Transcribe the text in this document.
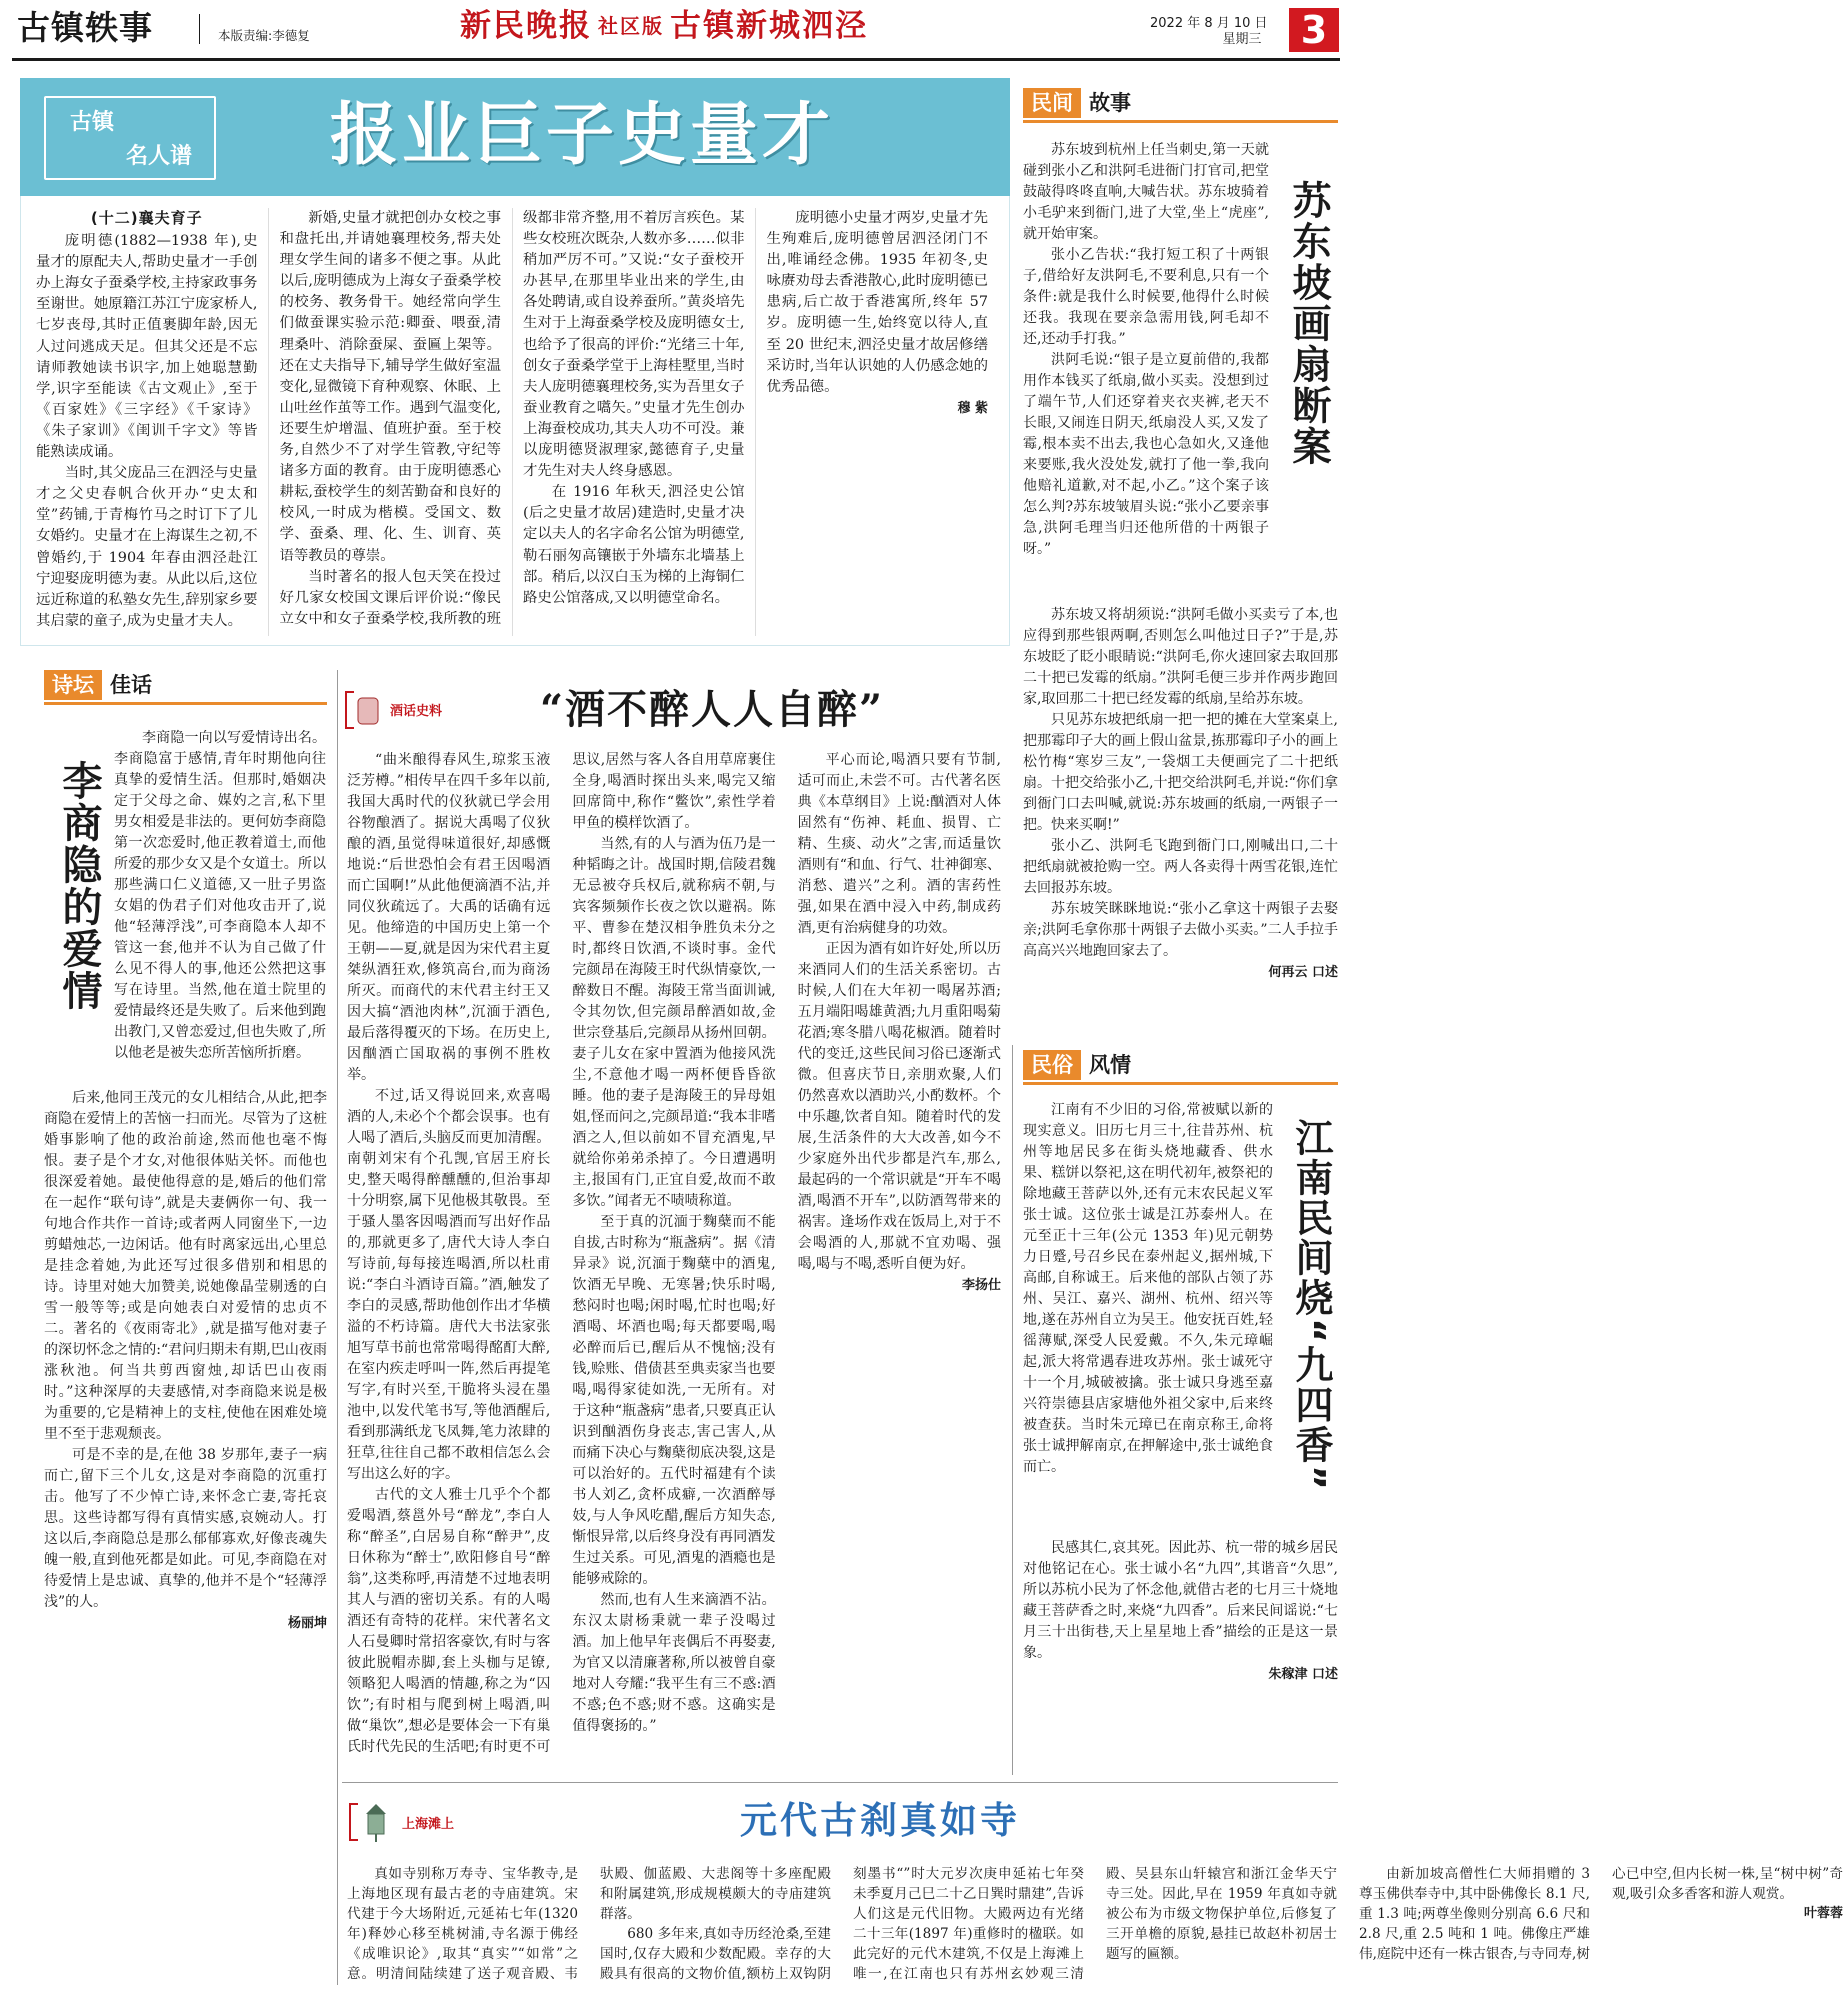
古镇轶事	本版责编:李德复	新民晚报 社区版 古镇新城泗泾	2022 年 8 月 10 日
星期三	3
古镇
名人谱 报业巨子史量才
(十二)襄夫育子

庞明德(1882—1938 年),史量才的原配夫人,帮助史量才一手创办上海女子蚕桑学校,主持家政事务至谢世。她原籍江苏江宁庞家桥人,七岁丧母,其时正值裹脚年龄,因无人过问逃成天足。但其父还是不忘请师教她读书识字,加上她聪慧勤学,识字至能读《古文观止》,至于《百家姓》《三字经》《千家诗》《朱子家训》《闺训千字文》等皆能熟读成诵。

当时,其父庞品三在泗泾与史量才之父史春帆合伙开办“史太和堂”药铺,于青梅竹马之时订下了儿女婚约。史量才在上海谋生之初,不曾婚约,于 1904 年春由泗泾赴江宁迎娶庞明德为妻。从此以后,这位远近称道的私塾女先生,辞别家乡要其启蒙的童子,成为史量才夫人。

新婚,史量才就把创办女校之事和盘托出,并请她襄理校务,帮夫处理女学生间的诸多不便之事。从此以后,庞明德成为上海女子蚕桑学校的校务、教务骨干。她经常向学生们做蚕课实验示范:卿蚕、喂蚕,清理桑叶、消除蚕屎、蚕匾上架等。还在丈夫指导下,辅导学生做好室温变化,显微镜下育种观察、休眠、上山吐丝作茧等工作。遇到气温变化,还要生炉增温、值班护蚕。至于校务,自然少不了对学生管教,守纪等诸多方面的教育。由于庞明德悉心耕耘,蚕校学生的刻苦勤奋和良好的校风,一时成为楷模。受国文、数学、蚕桑、理、化、生、训育、英语等教员的尊崇。

当时著名的报人包天笑在投过好几家女校国文课后评价说:“像民立女中和女子蚕桑学校,我所教的班级都非常齐整,用不着厉言疾色。某些女校班次既杂,人数亦多……似非稍加严厉不可。”又说:“女子蚕校开办甚早,在那里毕业出来的学生,由各处聘请,或自设养蚕所。”黄炎培先生对于上海蚕桑学校及庞明德女士,也给予了很高的评价:“光绪三十年,创女子蚕桑学堂于上海桂墅里,当时夫人庞明德襄理校务,实为吾里女子蚕业教育之嚆矢。”史量才先生创办上海蚕校成功,其夫人功不可没。兼以庞明德贤淑理家,懿德育子,史量才先生对夫人终身感恩。

在 1916 年秋天,泗泾史公馆(后之史量才故居)建造时,史量才决定以夫人的名字命名公馆为明德堂,勒石丽匆高镶嵌于外墙东北墙基上部。稍后,以汉白玉为梯的上海铜仁路史公馆落成,又以明德堂命名。

庞明德小史量才两岁,史量才先生殉难后,庞明德曾居泗泾闭门不出,唯诵经念佛。1935 年初冬,史咏赓劝母去香港散心,此时庞明德已患病,后亡故于香港寓所,终年 57 岁。庞明德一生,始终宽以待人,直至 20 世纪末,泗泾史量才故居修缮采访时,当年认识她的人仍感念她的优秀品德。

穆 紫
民间 故事
苏东坡画扇断案

苏东坡到杭州上任当刺史,第一天就碰到张小乙和洪阿毛进衙门打官司,把堂鼓敲得咚咚直响,大喊告状。苏东坡骑着小毛驴来到衙门,进了大堂,坐上“虎座”,就开始审案。

张小乙告状:“我打短工积了十两银子,借给好友洪阿毛,不要利息,只有一个条件:就是我什么时候要,他得什么时候还我。我现在要亲急需用钱,阿毛却不还,还动手打我。”

洪阿毛说:“银子是立夏前借的,我都用作本钱买了纸扇,做小买卖。没想到过了端午节,人们还穿着夹衣夹裤,老天不长眼,又闹连日阴天,纸扇没人买,又发了霉,根本卖不出去,我也心急如火,又逢他来要账,我火没处发,就打了他一拳,我向他赔礼道歉,对不起,小乙。”这个案子该怎么判?苏东坡皱眉头说:“张小乙要亲事急,洪阿毛理当归还他所借的十两银子呀。”

苏东坡又将胡须说:“洪阿毛做小买卖亏了本,也应得到那些银两啊,否则怎么叫他过日子?”于是,苏东坡眨了眨小眼睛说:“洪阿毛,你火速回家去取回那二十把已发霉的纸扇。”洪阿毛便三步并作两步跑回家,取回那二十把已经发霉的纸扇,呈给苏东坡。

只见苏东坡把纸扇一把一把的摊在大堂案桌上,把那霉印子大的画上假山盆景,拣那霉印子小的画上松竹梅“寒岁三友”,一袋烟工夫便画完了二十把纸扇。十把交给张小乙,十把交给洪阿毛,并说:“你们拿到衙门口去叫喊,就说:苏东坡画的纸扇,一两银子一把。快来买啊!”

张小乙、洪阿毛飞跑到衙门口,刚喊出口,二十把纸扇就被抢购一空。两人各卖得十两雪花银,连忙去回报苏东坡。

苏东坡笑眯眯地说:“张小乙拿这十两银子去娶亲;洪阿毛拿你那十两银子去做小买卖。”二人手拉手高高兴兴地跑回家去了。

何再云 口述
诗坛 佳话
李商隐的爱情

李商隐一向以写爱情诗出名。李商隐富于感情,青年时期他向往真挚的爱情生活。但那时,婚姻决定于父母之命、媒妁之言,私下里男女相爱是非法的。更何妨李商隐第一次恋爱时,他正教着道士,而他所爱的那少女又是个女道士。所以那些满口仁义道德,又一肚子男盗女娼的伪君子们对他攻击开了,说他“轻薄浮浅”,可李商隐本人却不管这一套,他并不认为自己做了什么见不得人的事,他还公然把这事写在诗里。当然,他在道士院里的爱情最终还是失败了。后来他到跑出教门,又曾恋爱过,但也失败了,所以他老是被失恋所苦恼所折磨。

后来,他同王茂元的女儿相结合,从此,把李商隐在爱情上的苦恼一扫而光。尽管为了这桩婚事影响了他的政治前途,然而他也毫不悔恨。妻子是个才女,对他很体贴关怀。而他也很深爱着她。最使他得意的是,婚后的他们常在一起作“联句诗”,就是夫妻俩你一句、我一句地合作共作一首诗;或者两人同窗坐下,一边剪蜡烛芯,一边闲话。他有时离家远出,心里总是挂念着她,为此还写过很多借别和相思的诗。诗里对她大加赞美,说她像晶莹剔透的白雪一般等等;或是向她表白对爱情的忠贞不二。著名的《夜雨寄北》,就是描写他对妻子的深切怀念之情的:“君问归期未有期,巴山夜雨涨秋池。何当共剪西窗烛,却话巴山夜雨时。”这种深厚的夫妻感情,对李商隐来说是极为重要的,它是精神上的支柱,使他在困难处境里不至于悲观颓丧。

可是不幸的是,在他 38 岁那年,妻子一病而亡,留下三个儿女,这是对李商隐的沉重打击。他写了不少悼亡诗,来怀念亡妻,寄托哀思。这些诗都写得有真情实感,哀婉动人。打这以后,李商隐总是那么郁郁寡欢,好像丧魂失魄一般,直到他死都是如此。可见,李商隐在对待爱情上是忠诚、真挚的,他并不是个“轻薄浮浅”的人。

杨丽坤
酒话史料 “酒不醉人人自醉”

“曲米酿得春风生,琼浆玉液泛芳樽。”相传早在四千多年以前,我国大禹时代的仪狄就已学会用谷物酿酒了。据说大禹喝了仪狄酿的酒,虽觉得味道很好,却感慨地说:“后世恐怕会有君王因喝酒而亡国啊!”从此他便滴酒不沾,并同仪狄疏远了。大禹的话确有远见。他缔造的中国历史上第一个王朝——夏,就是因为宋代君主夏桀纵酒狂欢,修筑高台,而为商汤所灭。而商代的末代君主纣王又因大搞“酒池肉林”,沉湎于酒色,最后落得覆灭的下场。在历史上,因酗酒亡国取祸的事例不胜枚举。

不过,话又得说回来,欢喜喝酒的人,未必个个都会误事。也有人喝了酒后,头脑反而更加清醒。南朝刘宋有个孔觊,官居王府长史,整天喝得醉醺醺的,但治事却十分明察,属下见他极其敬畏。至于骚人墨客因喝酒而写出好作品的,那就更多了,唐代大诗人李白写诗前,每每接连喝酒,所以杜甫说:“李白斗酒诗百篇。”酒,触发了李白的灵感,帮助他创作出才华横溢的不朽诗篇。唐代大书法家张旭写草书前也常常喝得酩酊大醉,在室内疾走呼叫一阵,然后再提笔写字,有时兴至,干脆将头浸在墨池中,以发代笔书写,等他酒醒后,看到那满纸龙飞凤舞,笔力浓肆的狂草,往往自己都不敢相信怎么会写出这么好的字。

古代的文人雅士几乎个个都爱喝酒,蔡邕外号“醉龙”,李白人称“醉圣”,白居易自称“醉尹”,皮日休称为“醉士”,欧阳修自号“醉翁”,这类称呼,再清楚不过地表明其人与酒的密切关系。有的人喝酒还有奇特的花样。宋代著名文人石曼卿时常招客豪饮,有时与客彼此脱帽赤脚,套上头枷与足镣,领略犯人喝酒的情趣,称之为“囚饮”;有时相与爬到树上喝酒,叫做“巢饮”,想必是要体会一下有巢氏时代先民的生活吧;有时更不可思议,居然与客人各自用草席裹住全身,喝酒时探出头来,喝完又缩回席筒中,称作“鳖饮”,索性学着甲鱼的模样饮酒了。

当然,有的人与酒为伍乃是一种韬晦之计。战国时期,信陵君魏无忌被夺兵权后,就称病不朝,与宾客频频作长夜之饮以避祸。陈平、曹参在楚汉相争胜负未分之时,都终日饮酒,不谈时事。金代完颜昂在海陵王时代纵情豪饮,一醉数日不醒。海陵王常当面训诫,令其勿饮,但完颜昂醉酒如故,金世宗登基后,完颜昂从扬州回朝。妻子儿女在家中置酒为他接风洗尘,不意他才喝一两杯便昏昏欲睡。他的妻子是海陵王的异母姐姐,怪而问之,完颜昂道:“我本非嗜酒之人,但以前如不冒充酒鬼,早就给你弟弟杀掉了。今日遭遇明主,报国有门,正宜自爱,故而不敢多饮。”闻者无不啧啧称道。

至于真的沉湎于麴蘖而不能自拔,古时称为“瓶盏病”。据《清异录》说,沉湎于麴蘖中的酒鬼,饮酒无早晚、无寒暑;快乐时喝,愁闷时也喝;闲时喝,忙时也喝;好酒喝、坏酒也喝;每天都要喝,喝必醉而后已,醒后从不愧恼;没有钱,赊账、借债甚至典卖家当也要喝,喝得家徒如洗,一无所有。对于这种“瓶盏病”患者,只要真正认识到酗酒伤身丧志,害己害人,从而痛下决心与麴蘖彻底决裂,这是可以治好的。五代时福建有个读书人刘乙,贪杯成癖,一次酒醉辱妓,与人争风吃醋,醒后方知失态,惭恨异常,以后终身没有再同酒发生过关系。可见,酒鬼的酒瘾也是能够戒除的。

然而,也有人生来滴酒不沾。东汉太尉杨秉就一辈子没喝过酒。加上他早年丧偶后不再娶妻,为官又以清廉著称,所以被曾自豪地对人夸耀:“我平生有三不惑:酒不惑;色不惑;财不惑。这确实是值得褒扬的。”

平心而论,喝酒只要有节制,适可而止,未尝不可。古代著名医典《本草纲目》上说:酗酒对人体固然有“伤神、耗血、损胃、亡精、生痰、动火”之害,而适量饮酒则有“和血、行气、壮神御寒、消愁、遣兴”之利。酒的害药性强,如果在酒中浸入中药,制成药酒,更有治病健身的功效。

正因为酒有如许好处,所以历来酒同人们的生活关系密切。古时候,人们在大年初一喝屠苏酒;五月端阳喝雄黄酒;九月重阳喝菊花酒;寒冬腊八喝花椒酒。随着时代的变迁,这些民间习俗已逐渐式微。但喜庆节日,亲朋欢聚,人们仍然喜欢以酒助兴,小酌数杯。个中乐趣,饮者自知。随着时代的发展,生活条件的大大改善,如今不少家庭外出代步都是汽车,那么,最起码的一个常识就是“开车不喝酒,喝酒不开车”,以防酒驾带来的祸害。逢场作戏在饭局上,对于不会喝酒的人,那就不宜劝喝、强喝,喝与不喝,悉听自便为好。

李扬仕
民俗 风情
江南民间烧“九四香”

江南有不少旧的习俗,常被赋以新的现实意义。旧历七月三十,往昔苏州、杭州等地居民多在街头烧地藏香、供水果、糕饼以祭祀,这在明代初年,被祭祀的除地藏王菩萨以外,还有元末农民起义军张士诚。这位张士诚是江苏泰州人。在元至正十三年(公元 1353 年)见元朝势力日蹙,号召乡民在泰州起义,据州城,下高邮,自称诚王。后来他的部队占领了苏州、吴江、嘉兴、湖州、杭州、绍兴等地,遂在苏州自立为吴王。他安抚百姓,轻徭薄赋,深受人民爱戴。不久,朱元璋崛起,派大将常遇春进攻苏州。张士诚死守十一个月,城破被擒。张士诚只身逃至嘉兴符崇德县店家塘他外祖父家中,后来终被查获。当时朱元璋已在南京称王,命将张士诚押解南京,在押解途中,张士诚绝食而亡。

民感其仁,哀其死。因此苏、杭一带的城乡居民对他铭记在心。张士诚小名“九四”,其谐音“久思”,所以苏杭小民为了怀念他,就借古老的七月三十烧地藏王菩萨香之时,来烧“九四香”。后来民间谣说:“七月三十出街巷,天上星星地上香”描绘的正是这一景象。

朱稼津 口述
上海滩上	元代古刹真如寺

真如寺别称万寿寺、宝华教寺,是上海地区现有最古老的寺庙建筑。宋代建于今大场附近,元延祐七年(1320 年)释妙心移至桃树浦,寺名源于佛经《成唯识论》,取其“真实”“如常”之意。明清间陆续建了送子观音殿、韦驮殿、伽蓝殿、大悲阁等十多座配殿和附属建筑,形成规模颇大的寺庙建筑群落。

680 多年来,真如寺历经沧桑,至建国时,仅存大殿和少数配殿。幸存的大殿具有很高的文物价值,额枋上双钩阴刻墨书“”时大元岁次庚申延祐七年癸未季夏月己巳二十乙日巽时鼎建”,告诉人们这是元代旧物。大殿两边有光绪二十三年(1897 年)重修时的楹联。如此完好的元代木建筑,不仅是上海滩上唯一,在江南也只有苏州玄妙观三清殿、吴县东山轩辕宫和浙江金华天宁寺三处。因此,早在 1959 年真如寺就被公布为市级文物保护单位,后修复了三开单檐的原貌,悬挂已故赵朴初居士题写的匾额。

由新加坡高僧性仁大师捐赠的 3 尊玉佛供奉寺中,其中卧佛像长 8.1 尺,重 1.3 吨;两尊坐像则分别高 6.6 尺和 2.8 尺,重 2.5 吨和 1 吨。佛像庄严雄伟,庭院中还有一株古银杏,与寺同寿,树心已中空,但内长树一株,呈“树中树”奇观,吸引众多香客和游人观赏。

叶蓉蓉
